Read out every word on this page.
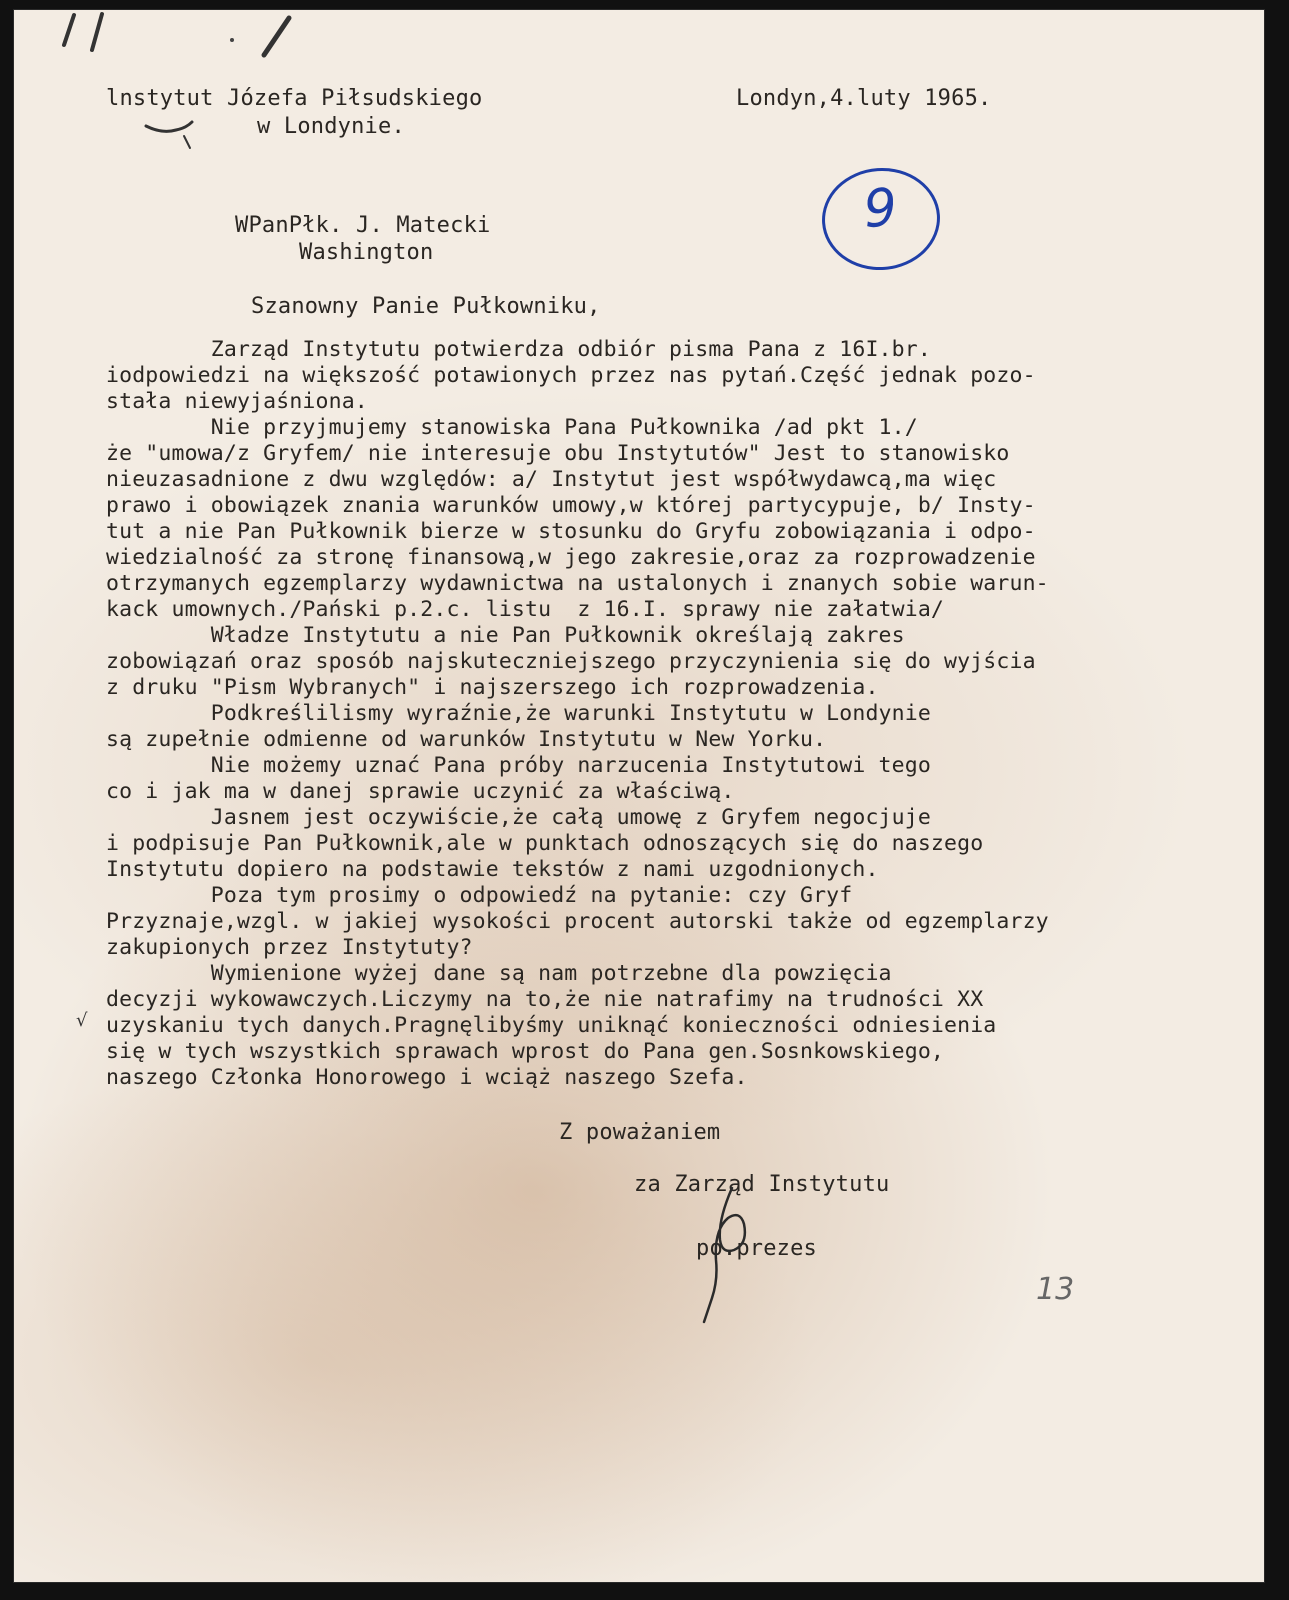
lnstytut Józefa Piłsudskiego
w Londynie.
Londyn,4.luty 1965.
9
WPanPłk. J. Matecki
Washington
Szanowny Panie Pułkowniku,
Zarząd Instytutu potwierdza odbiór pisma Pana z 16I.br.
iodpowiedzi na większość potawionych przez nas pytań.Część jednak pozo-
stała niewyjaśniona.
Nie przyjmujemy stanowiska Pana Pułkownika /ad pkt 1./
że "umowa/z Gryfem/ nie interesuje obu Instytutów" Jest to stanowisko
nieuzasadnione z dwu względów: a/ Instytut jest współwydawcą,ma więc
prawo i obowiązek znania warunków umowy,w której partycypuje, b/ Insty-
tut a nie Pan Pułkownik bierze w stosunku do Gryfu zobowiązania i odpo-
wiedzialność za stronę finansową,w jego zakresie,oraz za rozprowadzenie
otrzymanych egzemplarzy wydawnictwa na ustalonych i znanych sobie warun-
kack umownych./Pański p.2.c. listu  z 16.I. sprawy nie załatwia/
Władze Instytutu a nie Pan Pułkownik określają zakres
zobowiązań oraz sposób najskuteczniejszego przyczynienia się do wyjścia
z druku "Pism Wybranych" i najszerszego ich rozprowadzenia.
Podkreślilismy wyraźnie,że warunki Instytutu w Londynie
są zupełnie odmienne od warunków Instytutu w New Yorku.
Nie możemy uznać Pana próby narzucenia Instytutowi tego
co i jak ma w danej sprawie uczynić za właściwą.
Jasnem jest oczywiście,że całą umowę z Gryfem negocjuje
i podpisuje Pan Pułkownik,ale w punktach odnoszących się do naszego
Instytutu dopiero na podstawie tekstów z nami uzgodnionych.
Poza tym prosimy o odpowiedź na pytanie: czy Gryf
Przyznaje,wzgl. w jakiej wysokości procent autorski także od egzemplarzy
zakupionych przez Instytuty?
Wymienione wyżej dane są nam potrzebne dla powzięcia
decyzji wykowawczych.Liczymy na to,że nie natrafimy na trudności XX
uzyskaniu tych danych.Pragnęlibyśmy uniknąć konieczności odniesienia
się w tych wszystkich sprawach wprost do Pana gen.Sosnkowskiego,
naszego Członka Honorowego i wciąż naszego Szefa.
√
Z poważaniem
za Zarząd Instytutu
po.prezes
13
